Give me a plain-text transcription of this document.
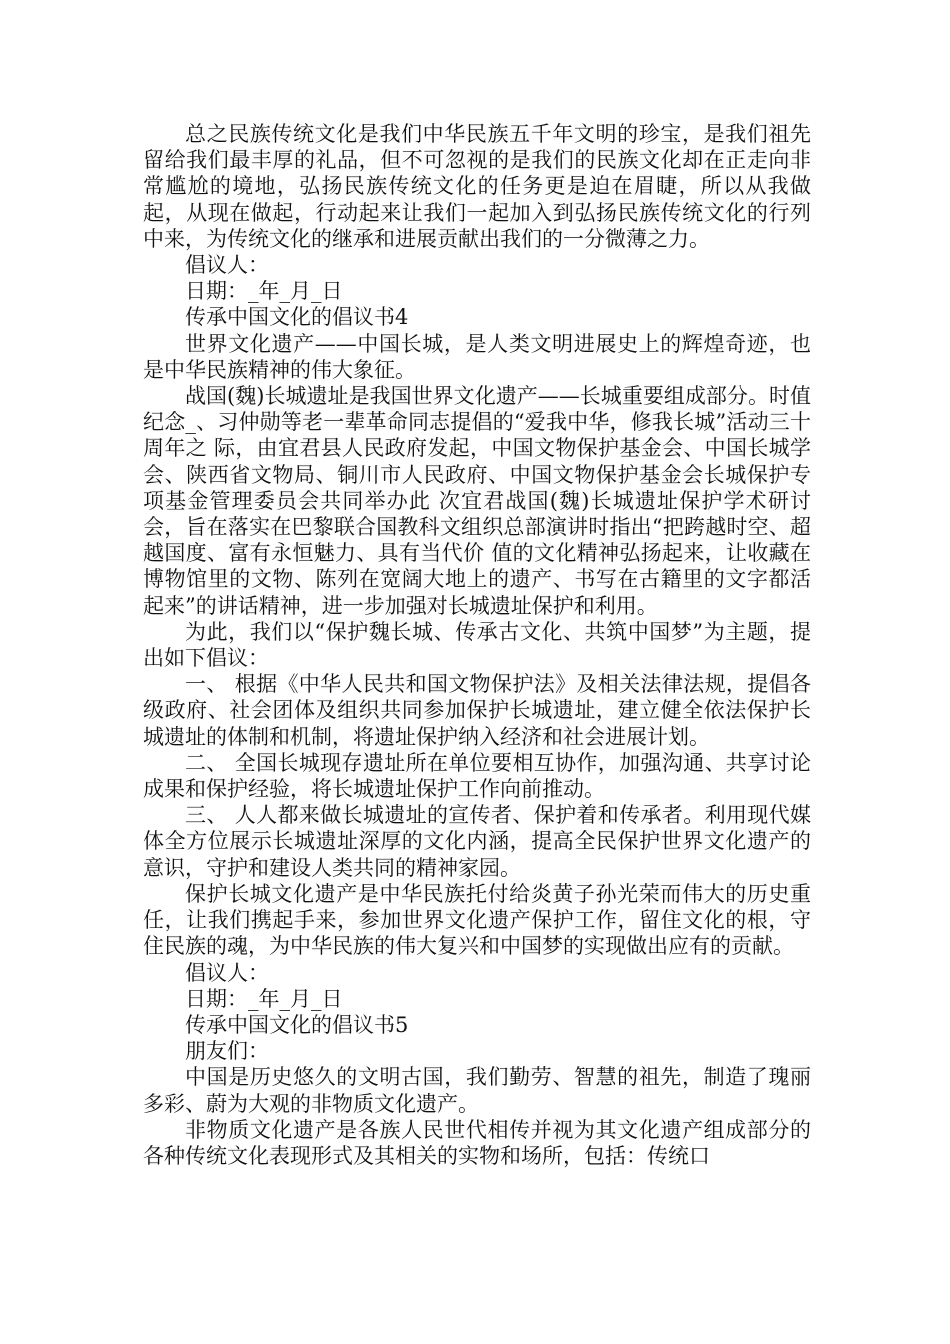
总之民族传统文化是我们中华民族五千年文明的珍宝，是我们祖先留给我们最丰厚的礼品，但不可忽视的是我们的民族文化却在正走向非常尴尬的境地，弘扬民族传统文化的任务更是迫在眉睫，所以从我做起，从现在做起，行动起来让我们一起加入到弘扬民族传统文化的行列中来，为传统文化的继承和进展贡献出我们的一分微薄之力。

倡议人：

日期：_年_月_日

传承中国文化的倡议书4

世界文化遗产——中国长城，是人类文明进展史上的辉煌奇迹，也是中华民族精神的伟大象征。

战国(魏)长城遗址是我国世界文化遗产——长城重要组成部分。时值纪念_、习仲勋等老一辈革命同志提倡的“爱我中华，修我长城”活动三十周年之 际，由宜君县人民政府发起，中国文物保护基金会、中国长城学会、陕西省文物局、铜川市人民政府、中国文物保护基金会长城保护专项基金管理委员会共同举办此 次宜君战国(魏)长城遗址保护学术研讨会，旨在落实在巴黎联合国教科文组织总部演讲时指出“把跨越时空、超越国度、富有永恒魅力、具有当代价 值的文化精神弘扬起来，让收藏在博物馆里的文物、陈列在宽阔大地上的遗产、书写在古籍里的文字都活起来”的讲话精神，进一步加强对长城遗址保护和利用。

为此，我们以“保护魏长城、传承古文化、共筑中国梦”为主题，提出如下倡议：

一、 根据《中华人民共和国文物保护法》及相关法律法规，提倡各级政府、社会团体及组织共同参加保护长城遗址，建立健全依法保护长城遗址的体制和机制，将遗址保护纳入经济和社会进展计划。

二、 全国长城现存遗址所在单位要相互协作，加强沟通、共享讨论成果和保护经验，将长城遗址保护工作向前推动。

三、 人人都来做长城遗址的宣传者、保护着和传承者。利用现代媒体全方位展示长城遗址深厚的文化内涵，提高全民保护世界文化遗产的意识，守护和建设人类共同的精神家园。

保护长城文化遗产是中华民族托付给炎黄子孙光荣而伟大的历史重任，让我们携起手来，参加世界文化遗产保护工作，留住文化的根，守住民族的魂，为中华民族的伟大复兴和中国梦的实现做出应有的贡献。

倡议人：

日期：_年_月_日

传承中国文化的倡议书5

朋友们：

中国是历史悠久的文明古国，我们勤劳、智慧的祖先，制造了瑰丽多彩、蔚为大观的非物质文化遗产。

非物质文化遗产是各族人民世代相传并视为其文化遗产组成部分的各种传统文化表现形式及其相关的实物和场所，包括：传统口
